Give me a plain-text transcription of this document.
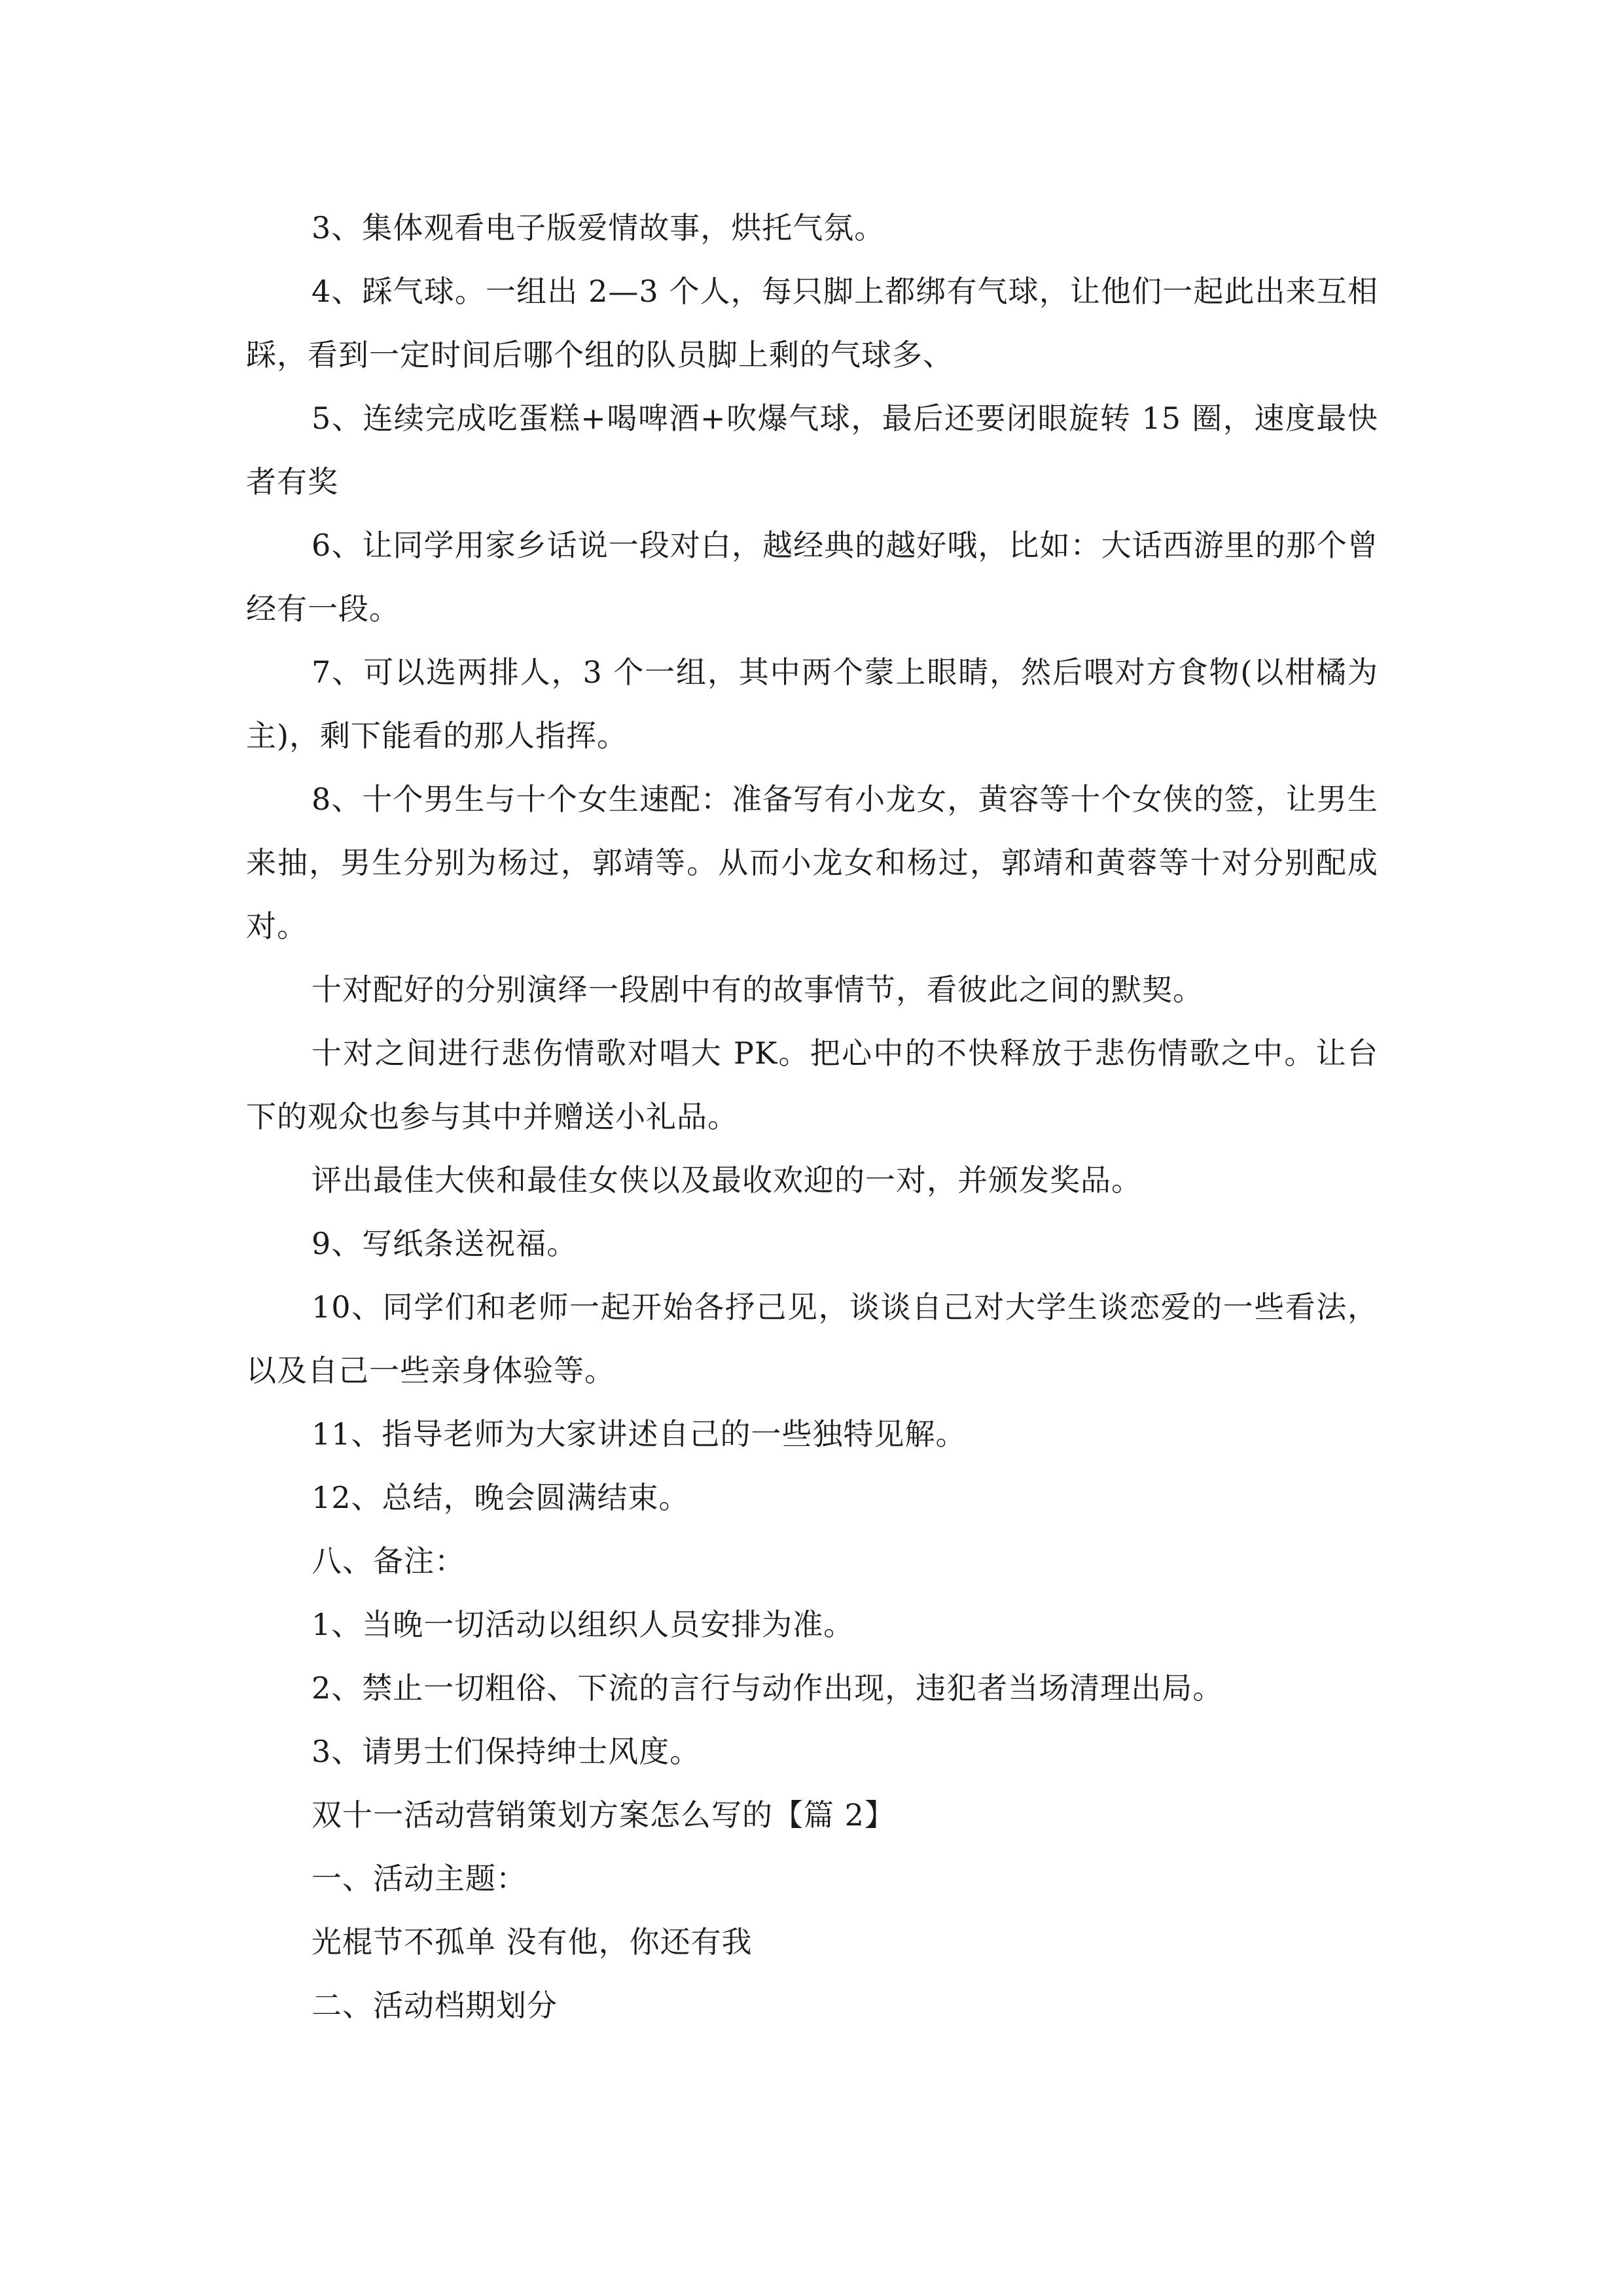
3、集体观看电子版爱情故事，烘托气氛。

4、踩气球。一组出 2—3 个人，每只脚上都绑有气球，让他们一起此出来互相踩，看到一定时间后哪个组的队员脚上剩的气球多、

5、连续完成吃蛋糕+喝啤酒+吹爆气球，最后还要闭眼旋转 15 圈，速度最快者有奖

6、让同学用家乡话说一段对白，越经典的越好哦，比如：大话西游里的那个曾经有一段。

7、可以选两排人，3 个一组，其中两个蒙上眼睛，然后喂对方食物(以柑橘为主)，剩下能看的那人指挥。

8、十个男生与十个女生速配：准备写有小龙女，黄容等十个女侠的签，让男生来抽，男生分别为杨过，郭靖等。从而小龙女和杨过，郭靖和黄蓉等十对分别配成对。

十对配好的分别演绎一段剧中有的故事情节，看彼此之间的默契。

十对之间进行悲伤情歌对唱大 PK。把心中的不快释放于悲伤情歌之中。让台下的观众也参与其中并赠送小礼品。

评出最佳大侠和最佳女侠以及最收欢迎的一对，并颁发奖品。

9、写纸条送祝福。

10、同学们和老师一起开始各抒己见，谈谈自己对大学生谈恋爱的一些看法，以及自己一些亲身体验等。

11、指导老师为大家讲述自己的一些独特见解。

12、总结，晚会圆满结束。

八、备注：

1、当晚一切活动以组织人员安排为准。

2、禁止一切粗俗、下流的言行与动作出现，违犯者当场清理出局。

3、请男士们保持绅士风度。

双十一活动营销策划方案怎么写的【篇 2】

一、活动主题：

光棍节不孤单 没有他，你还有我

二、活动档期划分
